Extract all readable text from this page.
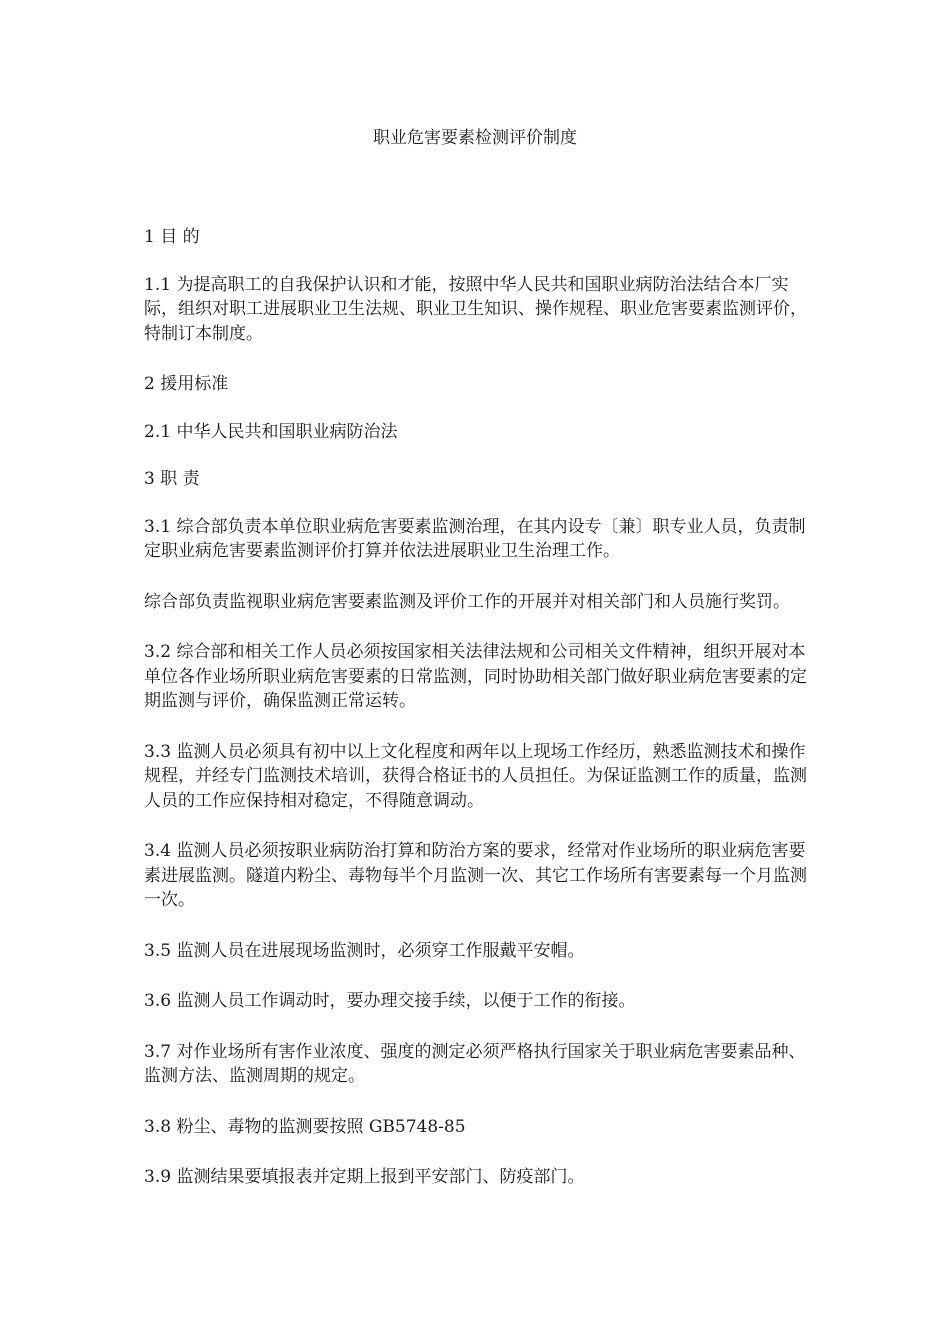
职业危害要素检测评价制度

1 目 的

1.1 为提高职工的自我保护认识和才能，按照中华人民共和国职业病防治法结合本厂实际，组织对职工进展职业卫生法规、职业卫生知识、操作规程、职业危害要素监测评价，特制订本制度。

2 援用标准

2.1 中华人民共和国职业病防治法

3 职 责

3.1 综合部负责本单位职业病危害要素监测治理，在其内设专〔兼〕职专业人员，负责制定职业病危害要素监测评价打算并依法进展职业卫生治理工作。

综合部负责监视职业病危害要素监测及评价工作的开展并对相关部门和人员施行奖罚。

3.2 综合部和相关工作人员必须按国家相关法律法规和公司相关文件精神，组织开展对本单位各作业场所职业病危害要素的日常监测，同时协助相关部门做好职业病危害要素的定期监测与评价，确保监测正常运转。

3.3 监测人员必须具有初中以上文化程度和两年以上现场工作经历，熟悉监测技术和操作规程，并经专门监测技术培训，获得合格证书的人员担任。为保证监测工作的质量，监测人员的工作应保持相对稳定，不得随意调动。

3.4 监测人员必须按职业病防治打算和防治方案的要求，经常对作业场所的职业病危害要素进展监测。隧道内粉尘、毒物每半个月监测一次、其它工作场所有害要素每一个月监测一次。

3.5 监测人员在进展现场监测时，必须穿工作服戴平安帽。

3.6 监测人员工作调动时，要办理交接手续，以便于工作的衔接。

3.7 对作业场所有害作业浓度、强度的测定必须严格执行国家关于职业病危害要素品种、监测方法、监测周期的规定。

3.8 粉尘、毒物的监测要按照 GB5748-85

3.9 监测结果要填报表并定期上报到平安部门、防疫部门。
